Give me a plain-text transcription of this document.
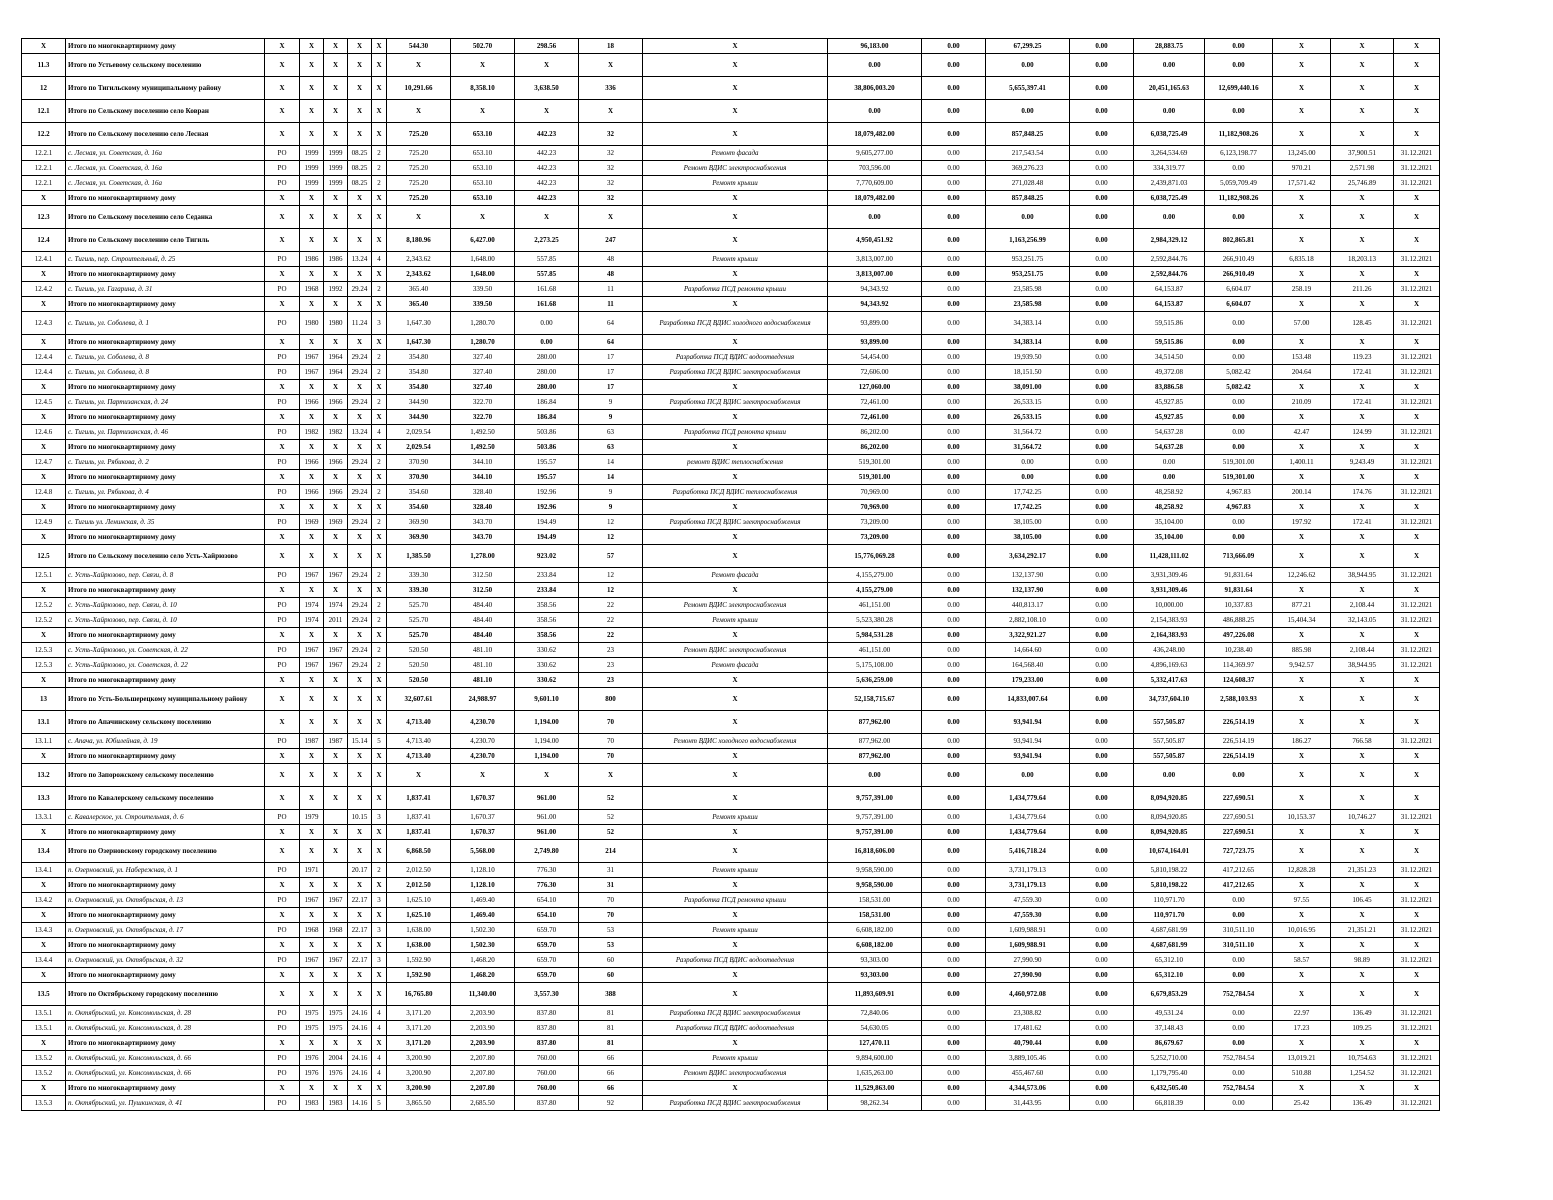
X	Итого по многоквартирному дому	X	X	X	X	X	544.30	502.70	298.56	18	X	96,183.00	0.00	67,299.25	0.00	28,883.75	0.00	X	X	X
11.3	Итого по Устьевому сельскому поселению	X	X	X	X	X	X	X	X	X	X	0.00	0.00	0.00	0.00	0.00	0.00	X	X	X
12	Итого по Тигильскому муниципальному району	X	X	X	X	X	10,291.66	8,358.10	3,638.50	336	X	38,806,003.20	0.00	5,655,397.41	0.00	20,451,165.63	12,699,440.16	X	X	X
12.1	Итого по Сельскому поселению село Ковран	X	X	X	X	X	X	X	X	X	X	0.00	0.00	0.00	0.00	0.00	0.00	X	X	X
12.2	Итого по Сельскому поселению село Лесная	X	X	X	X	X	725.20	653.10	442.23	32	X	18,079,482.00	0.00	857,848.25	0.00	6,038,725.49	11,182,908.26	X	X	X
12.2.1	с. Лесная, ул. Советская, д. 16а	РО	1999	1999	08.25	2	725.20	653.10	442.23	32	Ремонт фасада	9,605,277.00	0.00	217,543.54	0.00	3,264,534.69	6,123,198.77	13,245.00	37,900.51	31.12.2021
12.2.1	с. Лесная, ул. Советская, д. 16а	РО	1999	1999	08.25	2	725.20	653.10	442.23	32	Ремонт ВДИС электроснабжения	703,596.00	0.00	369,276.23	0.00	334,319.77	0.00	970.21	2,571.98	31.12.2021
12.2.1	с. Лесная, ул. Советская, д. 16а	РО	1999	1999	08.25	2	725.20	653.10	442.23	32	Ремонт крыши	7,770,609.00	0.00	271,028.48	0.00	2,439,871.03	5,059,709.49	17,571.42	25,746.89	31.12.2021
X	Итого по многоквартирному дому	X	X	X	X	X	725.20	653.10	442.23	32	X	18,079,482.00	0.00	857,848.25	0.00	6,038,725.49	11,182,908.26	X	X	X
12.3	Итого по Сельскому поселению село Седанка	X	X	X	X	X	X	X	X	X	X	0.00	0.00	0.00	0.00	0.00	0.00	X	X	X
12.4	Итого по Сельскому поселению село Тигиль	X	X	X	X	X	8,180.96	6,427.00	2,273.25	247	X	4,950,451.92	0.00	1,163,256.99	0.00	2,984,329.12	802,865.81	X	X	X
12.4.1	с. Тигиль, пер. Строительный, д. 25	РО	1986	1986	13.24	4	2,343.62	1,648.00	557.85	48	Ремонт крыши	3,813,007.00	0.00	953,251.75	0.00	2,592,844.76	266,910.49	6,835.18	18,203.13	31.12.2021
X	Итого по многоквартирному дому	X	X	X	X	X	2,343.62	1,648.00	557.85	48	X	3,813,007.00	0.00	953,251.75	0.00	2,592,844.76	266,910.49	X	X	X
12.4.2	с. Тигиль, ул. Гагарина, д. 31	РО	1968	1992	29.24	2	365.40	339.50	161.68	11	Разработка ПСД ремонта крыши	94,343.92	0.00	23,585.98	0.00	64,153.87	6,604.07	258.19	211.26	31.12.2021
X	Итого по многоквартирному дому	X	X	X	X	X	365.40	339.50	161.68	11	X	94,343.92	0.00	23,585.98	0.00	64,153.87	6,604.07	X	X	X
12.4.3	с. Тигиль, ул. Соболева, д. 1	РО	1980	1980	11.24	3	1,647.30	1,280.70	0.00	64	Разработка ПСД ВДИС холодного водоснабжения	93,899.00	0.00	34,383.14	0.00	59,515.86	0.00	57.00	128.45	31.12.2021
X	Итого по многоквартирному дому	X	X	X	X	X	1,647.30	1,280.70	0.00	64	X	93,899.00	0.00	34,383.14	0.00	59,515.86	0.00	X	X	X
12.4.4	с. Тигиль, ул. Соболева, д. 8	РО	1967	1964	29.24	2	354.80	327.40	280.00	17	Разработка ПСД ВДИС водоотведения	54,454.00	0.00	19,939.50	0.00	34,514.50	0.00	153.48	119.23	31.12.2021
12.4.4	с. Тигиль, ул. Соболева, д. 8	РО	1967	1964	29.24	2	354.80	327.40	280.00	17	Разработка ПСД ВДИС электроснабжения	72,606.00	0.00	18,151.50	0.00	49,372.08	5,082.42	204.64	172.41	31.12.2021
X	Итого по многоквартирному дому	X	X	X	X	X	354.80	327.40	280.00	17	X	127,060.00	0.00	38,091.00	0.00	83,886.58	5,082.42	X	X	X
12.4.5	с. Тигиль, ул. Партизанская, д. 24	РО	1966	1966	29.24	2	344.90	322.70	186.84	9	Разработка ПСД ВДИС электроснабжения	72,461.00	0.00	26,533.15	0.00	45,927.85	0.00	210.09	172.41	31.12.2021
X	Итого по многоквартирному дому	X	X	X	X	X	344.90	322.70	186.84	9	X	72,461.00	0.00	26,533.15	0.00	45,927.85	0.00	X	X	X
12.4.6	с. Тигиль, ул. Партизанская, д. 46	РО	1982	1982	13.24	4	2,029.54	1,492.50	503.86	63	Разработка ПСД ремонта крыши	86,202.00	0.00	31,564.72	0.00	54,637.28	0.00	42.47	124.99	31.12.2021
X	Итого по многоквартирному дому	X	X	X	X	X	2,029.54	1,492.50	503.86	63	X	86,202.00	0.00	31,564.72	0.00	54,637.28	0.00	X	X	X
12.4.7	с. Тигиль, ул. Рябикова, д. 2	РО	1966	1966	29.24	2	370.90	344.10	195.57	14	ремонт ВДИС теплоснабжения	519,301.00	0.00	0.00	0.00	0.00	519,301.00	1,400.11	9,243.49	31.12.2021
X	Итого по многоквартирному дому	X	X	X	X	X	370.90	344.10	195.57	14	X	519,301.00	0.00	0.00	0.00	0.00	519,301.00	X	X	X
12.4.8	с. Тигиль, ул. Рябикова, д. 4	РО	1966	1966	29.24	2	354.60	328.40	192.96	9	Разработка ПСД ВДИС теплоснабжения	70,969.00	0.00	17,742.25	0.00	48,258.92	4,967.83	200.14	174.76	31.12.2021
X	Итого по многоквартирному дому	X	X	X	X	X	354.60	328.40	192.96	9	X	70,969.00	0.00	17,742.25	0.00	48,258.92	4,967.83	X	X	X
12.4.9	с. Тигиль ул. Ленинская, д. 35	РО	1969	1969	29.24	2	369.90	343.70	194.49	12	Разработка ПСД ВДИС электроснабжения	73,209.00	0.00	38,105.00	0.00	35,104.00	0.00	197.92	172.41	31.12.2021
X	Итого по многоквартирному дому	X	X	X	X	X	369.90	343.70	194.49	12	X	73,209.00	0.00	38,105.00	0.00	35,104.00	0.00	X	X	X
12.5	Итого по Сельскому поселению село Усть-Хайрюзово	X	X	X	X	X	1,385.50	1,278.00	923.02	57	X	15,776,069.28	0.00	3,634,292.17	0.00	11,428,111.02	713,666.09	X	X	X
12.5.1	с. Усть-Хайрюзово, пер. Связи, д. 8	РО	1967	1967	29.24	2	339.30	312.50	233.84	12	Ремонт фасада	4,155,279.00	0.00	132,137.90	0.00	3,931,309.46	91,831.64	12,246.62	38,944.95	31.12.2021
X	Итого по многоквартирному дому	X	X	X	X	X	339.30	312.50	233.84	12	X	4,155,279.00	0.00	132,137.90	0.00	3,931,309.46	91,831.64	X	X	X
12.5.2	с. Усть-Хайрюзово, пер. Связи, д. 10	РО	1974	1974	29.24	2	525.70	484.40	358.56	22	Ремонт ВДИС электроснабжения	461,151.00	0.00	440,813.17	0.00	10,000.00	10,337.83	877.21	2,108.44	31.12.2021
12.5.2	с. Усть-Хайрюзово, пер. Связи, д. 10	РО	1974	2011	29.24	2	525.70	484.40	358.56	22	Ремонт крыши	5,523,380.28	0.00	2,882,108.10	0.00	2,154,383.93	486,888.25	15,404.34	32,143.05	31.12.2021
X	Итого по многоквартирному дому	X	X	X	X	X	525.70	484.40	358.56	22	X	5,984,531.28	0.00	3,322,921.27	0.00	2,164,383.93	497,226.08	X	X	X
12.5.3	с. Усть-Хайрюзово, ул. Советская, д. 22	РО	1967	1967	29.24	2	520.50	481.10	330.62	23	Ремонт ВДИС электроснабжения	461,151.00	0.00	14,664.60	0.00	436,248.00	10,238.40	885.98	2,108.44	31.12.2021
12.5.3	с. Усть-Хайрюзово, ул. Советская, д. 22	РО	1967	1967	29.24	2	520.50	481.10	330.62	23	Ремонт фасада	5,175,108.00	0.00	164,568.40	0.00	4,896,169.63	114,369.97	9,942.57	38,944.95	31.12.2021
X	Итого по многоквартирному дому	X	X	X	X	X	520.50	481.10	330.62	23	X	5,636,259.00	0.00	179,233.00	0.00	5,332,417.63	124,608.37	X	X	X
13	Итого по Усть-Большерецкому муниципальному району	X	X	X	X	X	32,607.61	24,988.97	9,601.10	800	X	52,158,715.67	0.00	14,833,007.64	0.00	34,737,604.10	2,588,103.93	X	X	X
13.1	Итого по Апачинскому сельскому поселению	X	X	X	X	X	4,713.40	4,230.70	1,194.00	70	X	877,962.00	0.00	93,941.94	0.00	557,505.87	226,514.19	X	X	X
13.1.1	с. Апача, ул. Юбилейная, д. 19	РО	1987	1987	15.14	5	4,713.40	4,230.70	1,194.00	70	Ремонт ВДИС холодного водоснабжения	877,962.00	0.00	93,941.94	0.00	557,505.87	226,514.19	186.27	766.58	31.12.2021
X	Итого по многоквартирному дому	X	X	X	X	X	4,713.40	4,230.70	1,194.00	70	X	877,962.00	0.00	93,941.94	0.00	557,505.87	226,514.19	X	X	X
13.2	Итого по Запорожскому сельскому поселению	X	X	X	X	X	X	X	X	X	X	0.00	0.00	0.00	0.00	0.00	0.00	X	X	X
13.3	Итого по Кавалерскому сельскому поселению	X	X	X	X	X	1,837.41	1,670.37	961.00	52	X	9,757,391.00	0.00	1,434,779.64	0.00	8,094,920.85	227,690.51	X	X	X
13.3.1	с. Кавалерское, ул. Строительная, д. 6	РО	1979		10.15	3	1,837.41	1,670.37	961.00	52	Ремонт крыши	9,757,391.00	0.00	1,434,779.64	0.00	8,094,920.85	227,690.51	10,153.37	10,746.27	31.12.2021
X	Итого по многоквартирному дому	X	X	X	X	X	1,837.41	1,670.37	961.00	52	X	9,757,391.00	0.00	1,434,779.64	0.00	8,094,920.85	227,690.51	X	X	X
13.4	Итого по Озерновскому городскому поселению	X	X	X	X	X	6,868.50	5,568.00	2,749.80	214	X	16,818,606.00	0.00	5,416,718.24	0.00	10,674,164.01	727,723.75	X	X	X
13.4.1	п. Озерновский, ул. Набережная, д. 1	РО	1971		20.17	2	2,012.50	1,128.10	776.30	31	Ремонт крыши	9,958,590.00	0.00	3,731,179.13	0.00	5,810,198.22	417,212.65	12,828.28	21,351.23	31.12.2021
X	Итого по многоквартирному дому	X	X	X	X	X	2,012.50	1,128.10	776.30	31	X	9,958,590.00	0.00	3,731,179.13	0.00	5,810,198.22	417,212.65	X	X	X
13.4.2	п. Озерновский, ул. Октябрьская, д. 13	РО	1967	1967	22.17	3	1,625.10	1,469.40	654.10	70	Разработка ПСД ремонта крыши	158,531.00	0.00	47,559.30	0.00	110,971.70	0.00	97.55	106.45	31.12.2021
X	Итого по многоквартирному дому	X	X	X	X	X	1,625.10	1,469.40	654.10	70	X	158,531.00	0.00	47,559.30	0.00	110,971.70	0.00	X	X	X
13.4.3	п. Озерновский, ул. Октябрьская, д. 17	РО	1968	1968	22.17	3	1,638.00	1,502.30	659.70	53	Ремонт крыши	6,608,182.00	0.00	1,609,988.91	0.00	4,687,681.99	310,511.10	10,016.95	21,351.21	31.12.2021
X	Итого по многоквартирному дому	X	X	X	X	X	1,638.00	1,502.30	659.70	53	X	6,608,182.00	0.00	1,609,988.91	0.00	4,687,681.99	310,511.10	X	X	X
13.4.4	п. Озерновский, ул. Октябрьская, д. 32	РО	1967	1967	22.17	3	1,592.90	1,468.20	659.70	60	Разработка ПСД ВДИС водоотведения	93,303.00	0.00	27,990.90	0.00	65,312.10	0.00	58.57	98.89	31.12.2021
X	Итого по многоквартирному дому	X	X	X	X	X	1,592.90	1,468.20	659.70	60	X	93,303.00	0.00	27,990.90	0.00	65,312.10	0.00	X	X	X
13.5	Итого по Октябрьскому городскому поселению	X	X	X	X	X	16,765.80	11,340.00	3,557.30	388	X	11,893,609.91	0.00	4,460,972.08	0.00	6,679,853.29	752,784.54	X	X	X
13.5.1	п. Октябрьский, ул. Комсомольская, д. 28	РО	1975	1975	24.16	4	3,171.20	2,203.90	837.80	81	Разработка ПСД ВДИС электроснабжения	72,840.06	0.00	23,308.82	0.00	49,531.24	0.00	22.97	136.49	31.12.2021
13.5.1	п. Октябрьский, ул. Комсомольская, д. 28	РО	1975	1975	24.16	4	3,171.20	2,203.90	837.80	81	Разработка ПСД ВДИС водоотведения	54,630.05	0.00	17,481.62	0.00	37,148.43	0.00	17.23	109.25	31.12.2021
X	Итого по многоквартирному дому	X	X	X	X	X	3,171.20	2,203.90	837.80	81	X	127,470.11	0.00	40,790.44	0.00	86,679.67	0.00	X	X	X
13.5.2	п. Октябрьский, ул. Комсомольская, д. 66	РО	1976	2004	24.16	4	3,200.90	2,207.80	760.00	66	Ремонт крыши	9,894,600.00	0.00	3,889,105.46	0.00	5,252,710.00	752,784.54	13,019.21	10,754.63	31.12.2021
13.5.2	п. Октябрьский, ул. Комсомольская, д. 66	РО	1976	1976	24.16	4	3,200.90	2,207.80	760.00	66	Ремонт ВДИС электроснабжения	1,635,263.00	0.00	455,467.60	0.00	1,179,795.40	0.00	510.88	1,254.52	31.12.2021
X	Итого по многоквартирному дому	X	X	X	X	X	3,200.90	2,207.80	760.00	66	X	11,529,863.00	0.00	4,344,573.06	0.00	6,432,505.40	752,784.54	X	X	X
13.5.3	п. Октябрьский, ул. Пушкинская, д. 41	РО	1983	1983	14.16	5	3,865.50	2,685.50	837.80	92	Разработка ПСД ВДИС электроснабжения	98,262.34	0.00	31,443.95	0.00	66,818.39	0.00	25.42	136.49	31.12.2021
